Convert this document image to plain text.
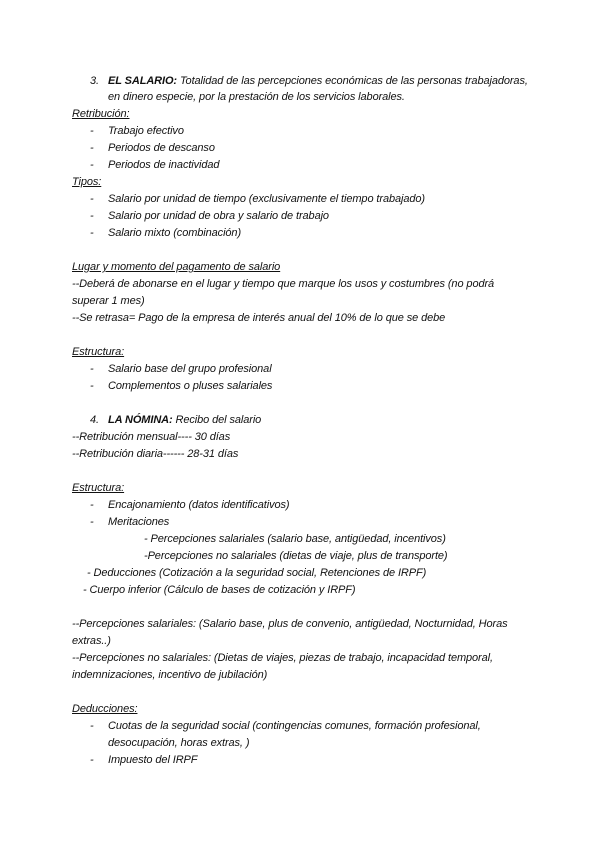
3. EL SALARIO: Totalidad de las percepciones económicas de las personas trabajadoras,
en dinero especie, por la prestación de los servicios laborales.
Retribución:
- Trabajo efectivo
- Periodos de descanso
- Periodos de inactividad
Tipos:
- Salario por unidad de tiempo (exclusivamente el tiempo trabajado)
- Salario por unidad de obra y salario de trabajo
- Salario mixto (combinación)
Lugar y momento del pagamento de salario
--Deberá de abonarse en el lugar y tiempo que marque los usos y costumbres (no podrá
superar 1 mes)
--Se retrasa= Pago de la empresa de interés anual del 10% de lo que se debe
Estructura:
- Salario base del grupo profesional
- Complementos o pluses salariales
4. LA NÓMINA: Recibo del salario
--Retribución mensual---- 30 días
--Retribución diaria------ 28-31 días
Estructura:
- Encajonamiento (datos identificativos)
- Meritaciones
- Percepciones salariales (salario base, antigüedad, incentivos)
-Percepciones no salariales (dietas de viaje, plus de transporte)
- Deducciones (Cotización a la seguridad social, Retenciones de IRPF)
- Cuerpo inferior (Cálculo de bases de cotización y IRPF)
--Percepciones salariales: (Salario base, plus de convenio, antigüedad, Nocturnidad, Horas
extras..)
--Percepciones no salariales: (Dietas de viajes, piezas de trabajo, incapacidad temporal,
indemnizaciones, incentivo de jubilación)
Deducciones:
- Cuotas de la seguridad social (contingencias comunes, formación profesional,
desocupación, horas extras, )
- Impuesto del IRPF
